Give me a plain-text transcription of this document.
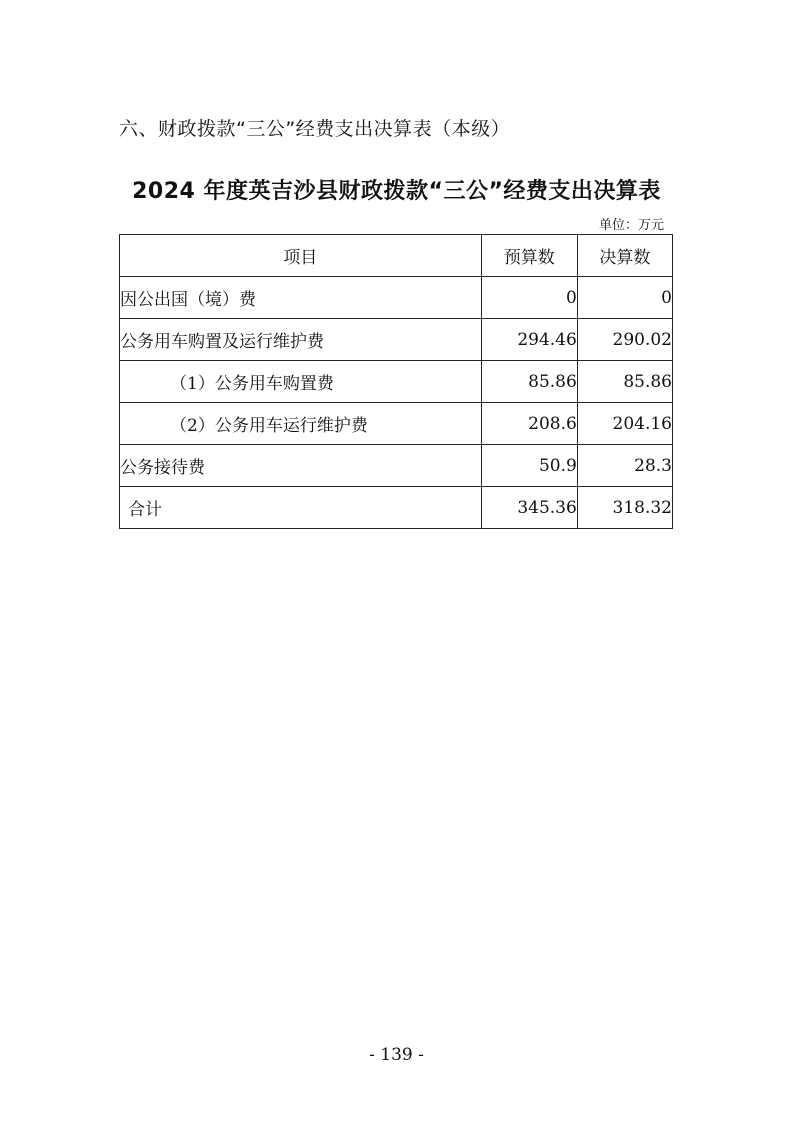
六、财政拨款“三公”经费支出决算表（本级）
2024 年度英吉沙县财政拨款“三公”经费支出决算表
单位：万元
项目	预算数	决算数
因公出国（境）费	0	0
公务用车购置及运行维护费	294.46	290.02
（1）公务用车购置费	85.86	85.86
（2）公务用车运行维护费	208.6	204.16
公务接待费	50.9	28.3
合计	345.36	318.32
- 139 -
